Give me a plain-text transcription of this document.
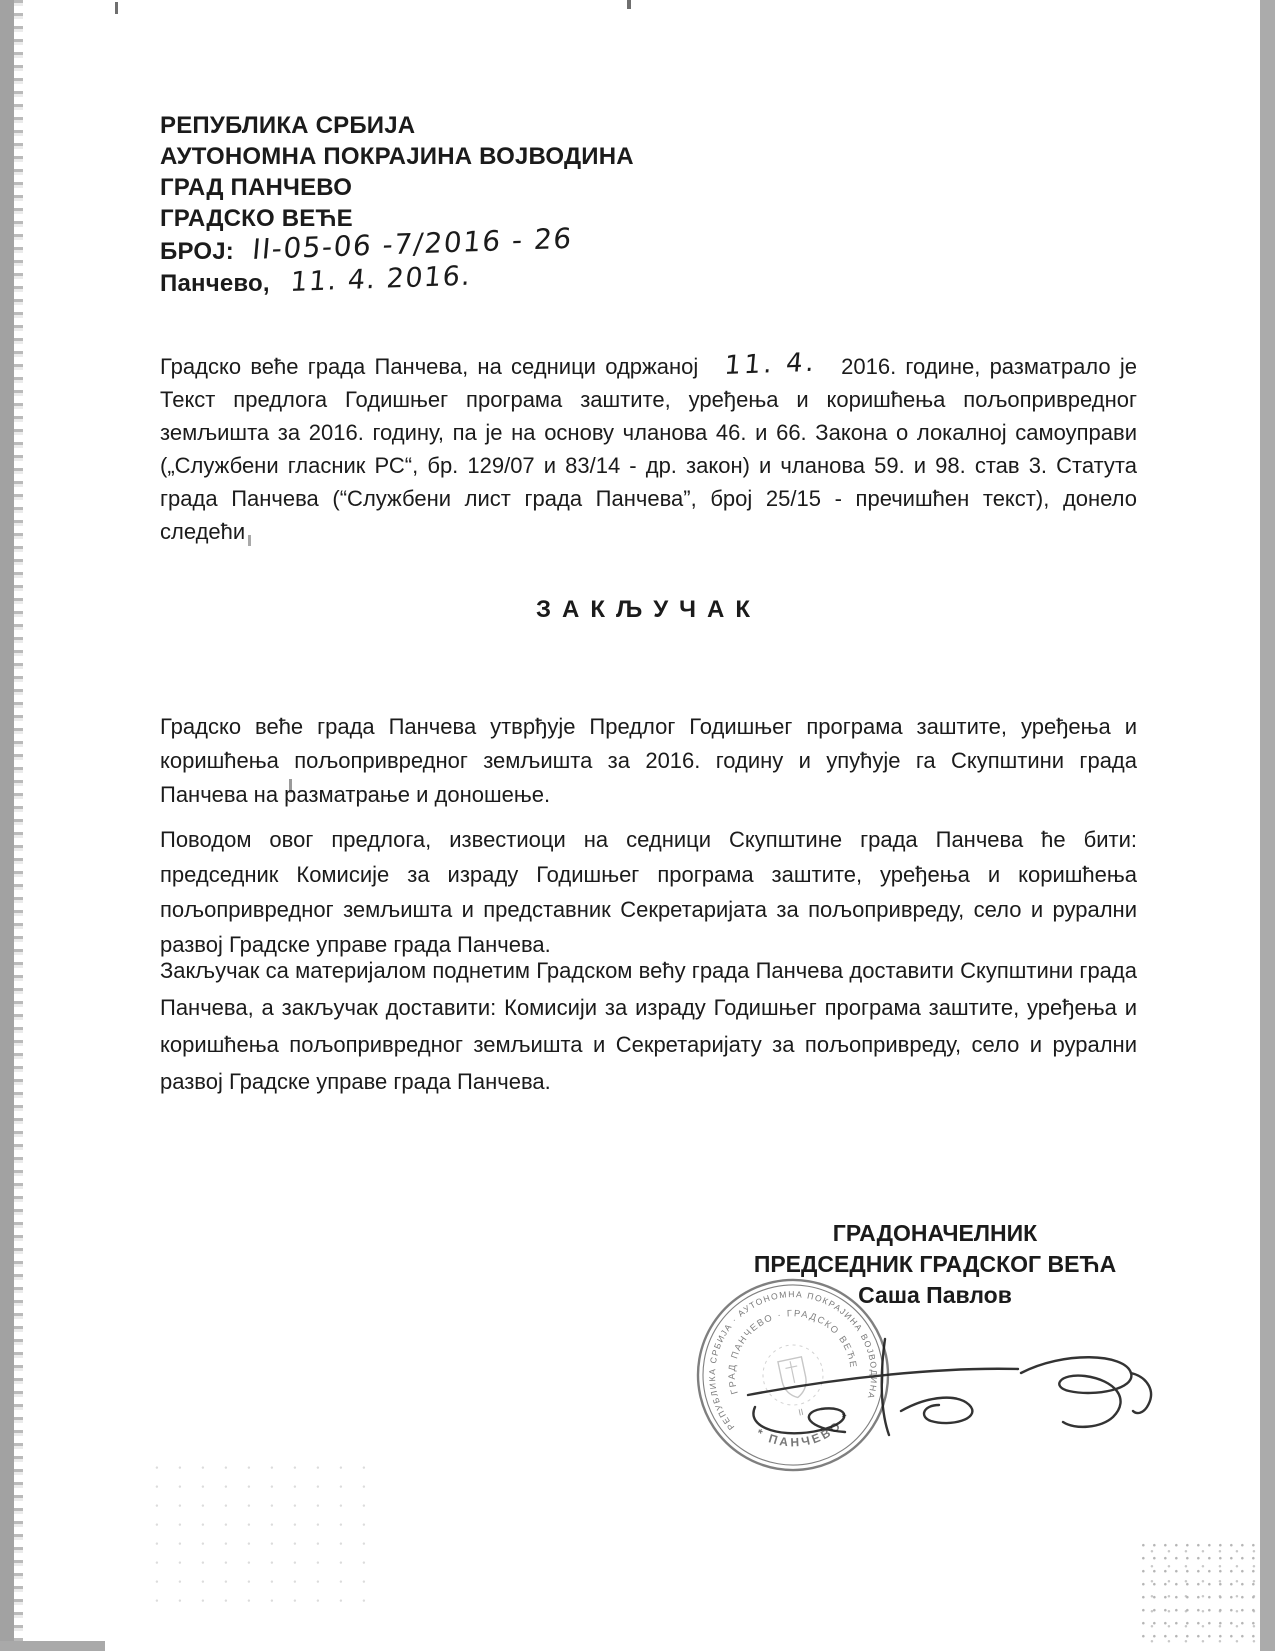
РЕПУБЛИКА СРБИЈА
АУТОНОМНА ПОКРАЈИНА ВОЈВОДИНА
ГРАД ПАНЧЕВО
ГРАДСКО ВЕЋЕ
БРОЈ: II-05-06 -7/2016 - 26
Панчево, 11. 4. 2016.

Градско веће града Панчева, на седници одржаној 11. 4. 2016. године, разматрало је Текст предлога Годишњег програма заштите, уређења и коришћења пољопривредног земљишта за 2016. годину, па је на основу чланова 46. и 66. Закона о локалној самоуправи („Службени гласник РС“, бр. 129/07 и 83/14 - др. закон) и чланова 59. и 98. став 3. Статута града Панчева (“Службени лист града Панчева”, број 25/15 - пречишћен текст), донело следећи

ЗАКЉУЧАК

Градско веће града Панчева утврђује Предлог Годишњег програма заштите, уређења и коришћења пољопривредног земљишта за 2016. годину и упућује га Скупштини града Панчева на разматрање и доношење.

Поводом овог предлога, известиоци на седници Скупштине града Панчева ће бити: председник Комисије за израду Годишњег програма заштите, уређења и коришћења пољопривредног земљишта и представник Секретаријата за пољопривреду, село и рурални развој Градске управе града Панчева.

Закључак са материјалом поднетим Градском већу града Панчева доставити Скупштини града Панчева, а закључак доставити: Комисији за израду Годишњег програма заштите, уређења и коришћења пољопривредног земљишта и Секретаријату за пољопривреду, село и рурални развој Градске управе града Панчева.

ГРАДОНАЧЕЛНИК
ПРЕДСЕДНИК ГРАДСКОГ ВЕЋА
Саша Павлов
РЕПУБЛИКА СРБИЈА · АУТОНОМНА ПОКРАЈИНА ВОЈВОДИНА
ГРАД ПАНЧЕВО · ГРАДСКО ВЕЋЕ
* ПАНЧЕВО *
II
